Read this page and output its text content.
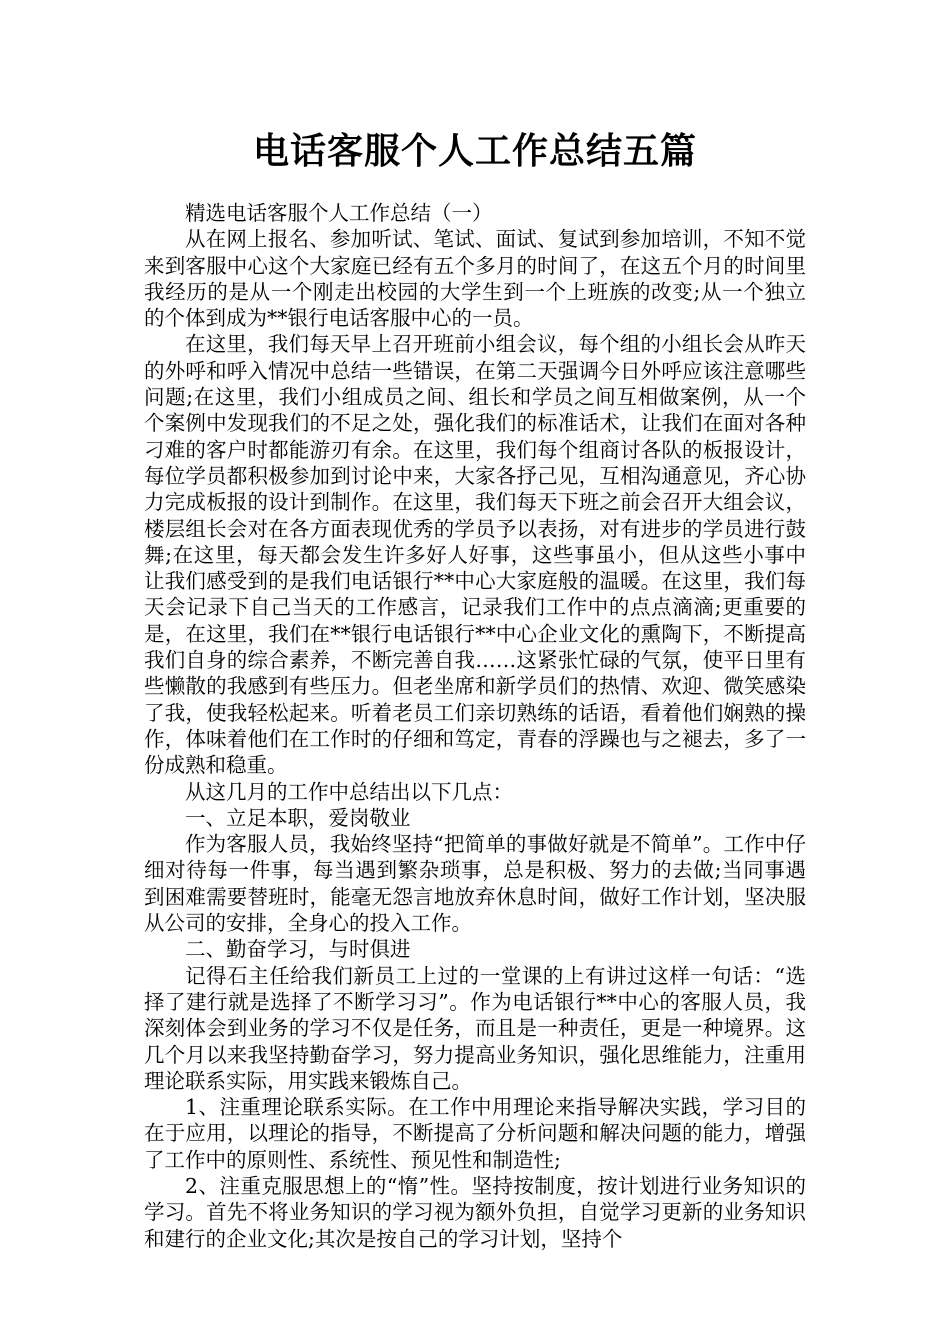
电话客服个人工作总结五篇

精选电话客服个人工作总结（一）

从在网上报名、参加听试、笔试、面试、复试到参加培训，不知不觉来到客服中心这个大家庭已经有五个多月的时间了，在这五个月的时间里我经历的是从一个刚走出校园的大学生到一个上班族的改变;从一个独立的个体到成为**银行电话客服中心的一员。

在这里，我们每天早上召开班前小组会议，每个组的小组长会从昨天的外呼和呼入情况中总结一些错误，在第二天强调今日外呼应该注意哪些问题;在这里，我们小组成员之间、组长和学员之间互相做案例，从一个个案例中发现我们的不足之处，强化我们的标准话术，让我们在面对各种刁难的客户时都能游刃有余。在这里，我们每个组商讨各队的板报设计，每位学员都积极参加到讨论中来，大家各抒己见，互相沟通意见，齐心协力完成板报的设计到制作。在这里，我们每天下班之前会召开大组会议，楼层组长会对在各方面表现优秀的学员予以表扬，对有进步的学员进行鼓舞;在这里，每天都会发生许多好人好事，这些事虽小，但从这些小事中让我们感受到的是我们电话银行**中心大家庭般的温暖。在这里，我们每天会记录下自己当天的工作感言，记录我们工作中的点点滴滴;更重要的是，在这里，我们在**银行电话银行**中心企业文化的熏陶下，不断提高我们自身的综合素养，不断完善自我……这紧张忙碌的气氛，使平日里有些懒散的我感到有些压力。但老坐席和新学员们的热情、欢迎、微笑感染了我，使我轻松起来。听着老员工们亲切熟练的话语，看着他们娴熟的操作，体味着他们在工作时的仔细和笃定，青春的浮躁也与之褪去，多了一份成熟和稳重。

从这几月的工作中总结出以下几点：

一、立足本职，爱岗敬业

作为客服人员，我始终坚持“把简单的事做好就是不简单”。工作中仔细对待每一件事，每当遇到繁杂琐事，总是积极、努力的去做;当同事遇到困难需要替班时，能毫无怨言地放弃休息时间，做好工作计划，坚决服从公司的安排，全身心的投入工作。

二、勤奋学习，与时俱进

记得石主任给我们新员工上过的一堂课的上有讲过这样一句话：“选择了建行就是选择了不断学习习”。作为电话银行**中心的客服人员，我深刻体会到业务的学习不仅是任务，而且是一种责任，更是一种境界。这几个月以来我坚持勤奋学习，努力提高业务知识，强化思维能力，注重用理论联系实际，用实践来锻炼自己。

1、注重理论联系实际。在工作中用理论来指导解决实践，学习目的在于应用，以理论的指导，不断提高了分析问题和解决问题的能力，增强了工作中的原则性、系统性、预见性和制造性;

2、注重克服思想上的“惰”性。坚持按制度，按计划进行业务知识的学习。首先不将业务知识的学习视为额外负担，自觉学习更新的业务知识和建行的企业文化;其次是按自己的学习计划，坚持个
